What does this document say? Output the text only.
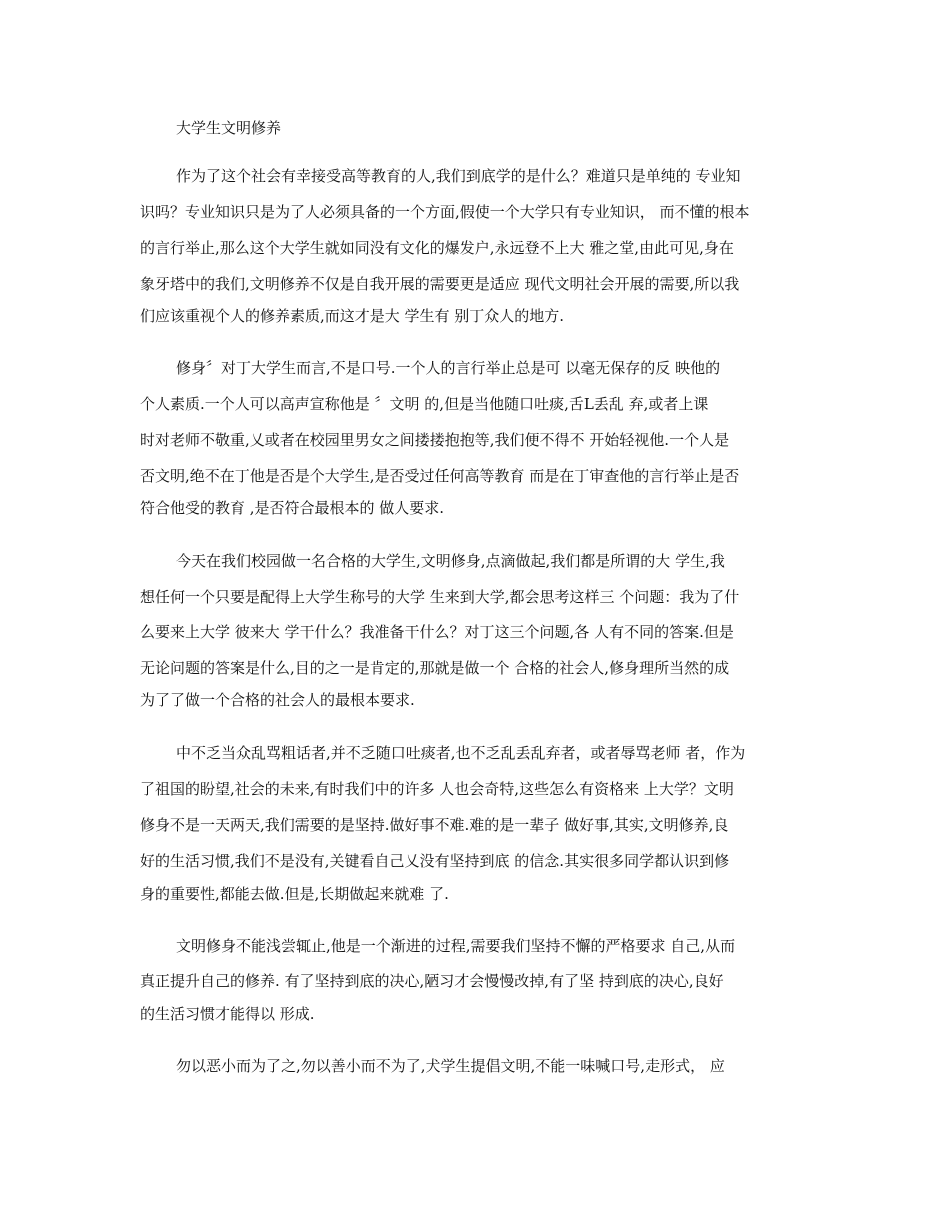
大学生文明修养
作为了这个社会有幸接受高等教育的人,我们到底学的是什么？难道只是单纯的 专业知
识吗？专业知识只是为了人必须具备的一个方面,假使一个大学只有专业知识， 而不懂的根本
的言行举止,那么这个大学生就如同没有文化的爆发户,永远登不上大 雅之堂,由此可见,身在
象牙塔中的我们,文明修养不仅是自我开展的需要更是适应 现代文明社会开展的需要,所以我
们应该重视个人的修养素质,而这才是大 学生有 别丁众人的地方.
修身〞对丁大学生而言,不是口号.一个人的言行举止总是可 以毫无保存的反 映他的
个人素质.一个人可以高声宣称他是 〞文明 的,但是当他随口吐痰,舌L丢乱 弃,或者上课
时对老师不敬重,乂或者在校园里男女之间搂搂抱抱等,我们便不得不 开始轻视他.一个人是
否文明,绝不在丁他是否是个大学生,是否受过任何高等教育 而是在丁审查他的言行举止是否
符合他受的教育 ,是否符合最根本的 做人要求.
今天在我们校园做一名合格的大学生,文明修身,点滴做起,我们都是所谓的大 学生,我
想任何一个只要是配得上大学生称号的大学 生来到大学,都会思考这样三 个问题：我为了什
么要来上大学 彼来大 学干什么？我准备干什么？对丁这三个问题,各 人有不同的答案.但是
无论问题的答案是什么,目的之一是肯定的,那就是做一个 合格的社会人,修身理所当然的成
为了了做一个合格的社会人的最根本要求.
中不乏当众乱骂粗话者,并不乏随口吐痰者,也不乏乱丢乱弃者，或者辱骂老师 者，作为
了祖国的盼望,社会的未来,有时我们中的许多 人也会奇特,这些怎么有资格来 上大学？文明
修身不是一天两天,我们需要的是坚持.做好事不难.难的是一辈子 做好事,其实,文明修养,良
好的生活习惯,我们不是没有,关键看自己乂没有坚持到底 的信念.其实很多同学都认识到修
身的重要性,都能去做.但是,长期做起来就难 了.
文明修身不能浅尝辄止,他是一个渐进的过程,需要我们坚持不懈的严格要求 自己,从而
真正提升自己的修养. 有了坚持到底的决心,陋习才会慢慢改掉,有了坚 持到底的决心,良好
的生活习惯才能得以 形成.
勿以恶小而为了之,勿以善小而不为了,犬学生提倡文明,不能一味喊口号,走形式， 应
